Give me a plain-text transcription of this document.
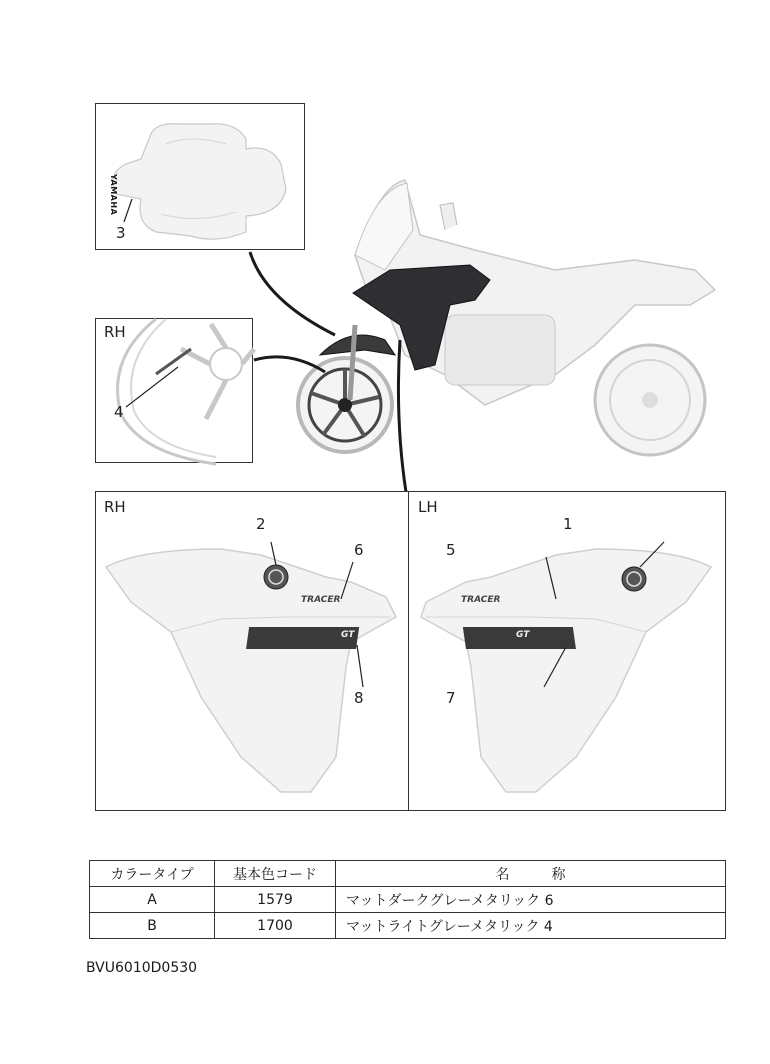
YAMAHA
3
RH
4
RH
TRACER
GT
2
6
8
LH
TRACER
GT
1
5
7
カラータイプ	基本色コード	名　　　称
A	1579	マットダークグレーメタリック 6
B	1700	マットライトグレーメタリック 4
BVU6010D0530
